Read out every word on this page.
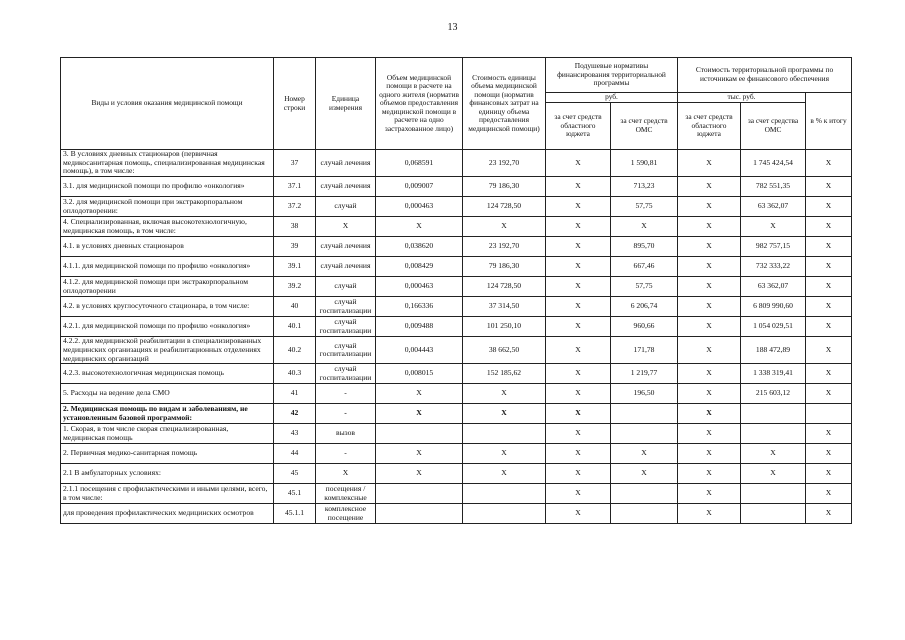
13
Виды и условия оказания медицинской помощи	Номер строки	Единица измерения	Объем медицинской помощи в расчете на одного жителя (норматив объемов предоставления медицинской помощи в расчете на одно застрахованное лицо)	Стоимость единицы объема медицинской помощи (норматив финансовых затрат на единицу объема предоставления медицинской помощи)	Подушевые нормативы финансирования территориальной программы		Стоимость территориальной программы по источникам ее финансового обеспечения		
					руб.		тыс. руб.		в % к итогу
					за счет средств областного юджета	за счет средств ОМС	за счет средств областного юджета	за счет средства ОМС	
3. В условиях дневных стационаров (первичная медикосанитарная помощь, специализированная медицинская помощь), в том числе:	37	случай лечения	0,068591	23 192,70	X	1 590,81	X	1 745 424,54	X
3.1. для медицинской помощи по профилю «онкология»	37.1	случай лечения	0,009007	79 186,30	X	713,23	X	782 551,35	X
3.2. для медицинской помощи при экстракорпоральном оплодотворении:	37.2	случай	0,000463	124 728,50	X	57,75	X	63 362,07	X
4. Специализированная, включая высокотехнологичную, медицинская помощь, в том числе:	38	X	X	X	X	X	X	X	X
4.1. в условиях дневных стационаров	39	случай лечения	0,038620	23 192,70	X	895,70	X	982 757,15	X
4.1.1. для медицинской помощи по профилю «онкология»	39.1	случай лечения	0,008429	79 186,30	X	667,46	X	732 333,22	X
4.1.2. для медицинской помощи при экстракорпоральном оплодотворении	39.2	случай	0,000463	124 728,50	X	57,75	X	63 362,07	X
4.2. в условиях круглосуточного стационара, в том числе:	40	случай госпитализации	0,166336	37 314,50	X	6 206,74	X	6 809 990,60	X
4.2.1. для медицинской помощи по профилю «онкология»	40.1	случай госпитализации	0,009488	101 250,10	X	960,66	X	1 054 029,51	X
4.2.2. для медицинской реабилитации в специализированных медицинских организациях и реабилитационных отделениях медицинских организаций	40.2	случай госпитализации	0,004443	38 662,50	X	171,78	X	188 472,89	X
4.2.3. высокотехнологичная медицинская помощь	40.3	случай госпитализации	0,008015	152 185,62	X	1 219,77	X	1 338 319,41	X
5. Расходы на ведение дела СМО	41	-	X	X	X	196,50	X	215 603,12	X
2. Медицинская помощь по видам и заболеваниям, не установленным базовой программой:	42	-	X	X	X		X		
1. Скорая, в том числе скорая специализированная, медицинская помощь	43	вызов			X		X		X
2. Первичная медико-санитарная помощь	44	-	X	X	X	X	X	X	X
2.1 В амбулаторных условиях:	45	X	X	X	X	X	X	X	X
2.1.1 посещения с профилактическими и иными целями, всего, в том числе:	45.1	посещения / комплексные			X		X		X
для проведения профилактических медицинских осмотров	45.1.1	комплексное посещение			X		X		X
